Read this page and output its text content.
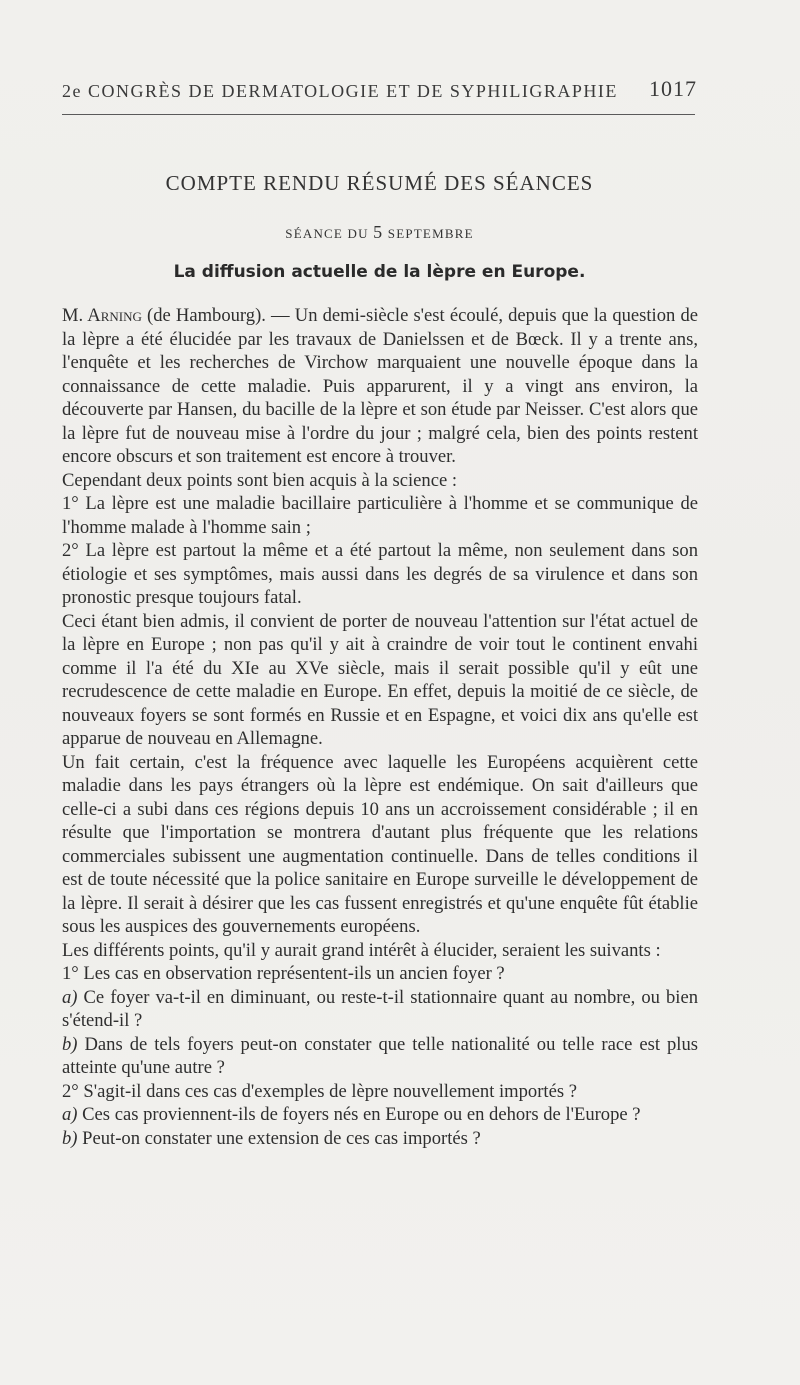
2e CONGRÈS DE DERMATOLOGIE ET DE SYPHILIGRAPHIE 1017
COMPTE RENDU RÉSUMÉ DES SÉANCES
SÉANCE DU 5 SEPTEMBRE
La diffusion actuelle de la lèpre en Europe.

M. Arning (de Hambourg). — Un demi-siècle s'est écoulé, depuis que la question de la lèpre a été élucidée par les travaux de Danielssen et de Bœck. Il y a trente ans, l'enquête et les recherches de Virchow marquaient une nouvelle époque dans la connaissance de cette maladie. Puis apparurent, il y a vingt ans environ, la découverte par Hansen, du bacille de la lèpre et son étude par Neisser. C'est alors que la lèpre fut de nouveau mise à l'ordre du jour ; malgré cela, bien des points restent encore obscurs et son traitement est encore à trouver.

Cependant deux points sont bien acquis à la science :

1° La lèpre est une maladie bacillaire particulière à l'homme et se communique de l'homme malade à l'homme sain ;

2° La lèpre est partout la même et a été partout la même, non seulement dans son étiologie et ses symptômes, mais aussi dans les degrés de sa virulence et dans son pronostic presque toujours fatal.

Ceci étant bien admis, il convient de porter de nouveau l'attention sur l'état actuel de la lèpre en Europe ; non pas qu'il y ait à craindre de voir tout le continent envahi comme il l'a été du XIe au XVe siècle, mais il serait possible qu'il y eût une recrudescence de cette maladie en Europe. En effet, depuis la moitié de ce siècle, de nouveaux foyers se sont formés en Russie et en Espagne, et voici dix ans qu'elle est apparue de nouveau en Allemagne.

Un fait certain, c'est la fréquence avec laquelle les Européens acquièrent cette maladie dans les pays étrangers où la lèpre est endémique. On sait d'ailleurs que celle-ci a subi dans ces régions depuis 10 ans un accroissement considérable ; il en résulte que l'importation se montrera d'autant plus fréquente que les relations commerciales subissent une augmentation continuelle. Dans de telles conditions il est de toute nécessité que la police sanitaire en Europe surveille le développement de la lèpre. Il serait à désirer que les cas fussent enregistrés et qu'une enquête fût établie sous les auspices des gouvernements européens.

Les différents points, qu'il y aurait grand intérêt à élucider, seraient les suivants :

1° Les cas en observation représentent-ils un ancien foyer ?

a) Ce foyer va-t-il en diminuant, ou reste-t-il stationnaire quant au nombre, ou bien s'étend-il ?

b) Dans de tels foyers peut-on constater que telle nationalité ou telle race est plus atteinte qu'une autre ?

2° S'agit-il dans ces cas d'exemples de lèpre nouvellement importés ?

a) Ces cas proviennent-ils de foyers nés en Europe ou en dehors de l'Europe ?

b) Peut-on constater une extension de ces cas importés ?
